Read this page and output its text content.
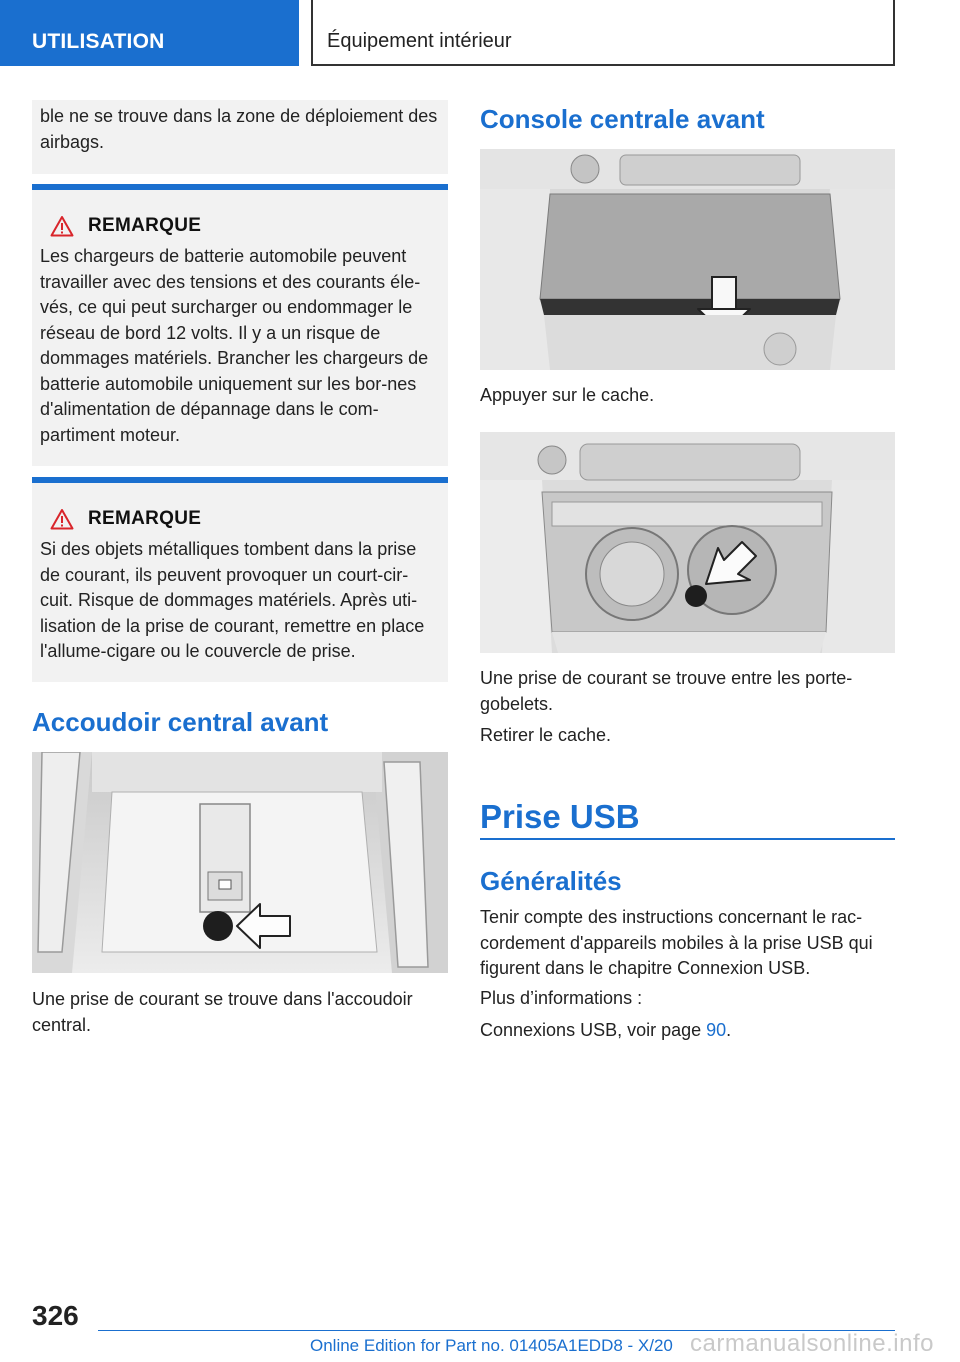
UTILISATION	Équipement intérieur

ble ne se trouve dans la zone de déploiement des airbags.

REMARQUE

Les chargeurs de batterie automobile peuvent travailler avec des tensions et des courants éle‐vés, ce qui peut surcharger ou endommager le réseau de bord 12 volts. Il y a un risque de dommages matériels. Brancher les chargeurs de batterie automobile uniquement sur les bor‐nes d'alimentation de dépannage dans le com‐partiment moteur.

REMARQUE

Si des objets métalliques tombent dans la prise de courant, ils peuvent provoquer un court-cir‐cuit. Risque de dommages matériels. Après uti‐lisation de la prise de courant, remettre en place l'allume-cigare ou le couvercle de prise.

Accoudoir central avant
Une prise de courant se trouve dans l'accoudoir central.
Console centrale avant
Appuyer sur le cache.
Une prise de courant se trouve entre les porte-gobelets.
Retirer le cache.
Prise USB
Généralités
Tenir compte des instructions concernant le rac‐cordement d'appareils mobiles à la prise USB qui figurent dans le chapitre Connexion USB.
Plus d’informations :
Connexions USB, voir page 90.
326
Online Edition for Part no. 01405A1EDD8 - X/20 carmanualsonline.info
